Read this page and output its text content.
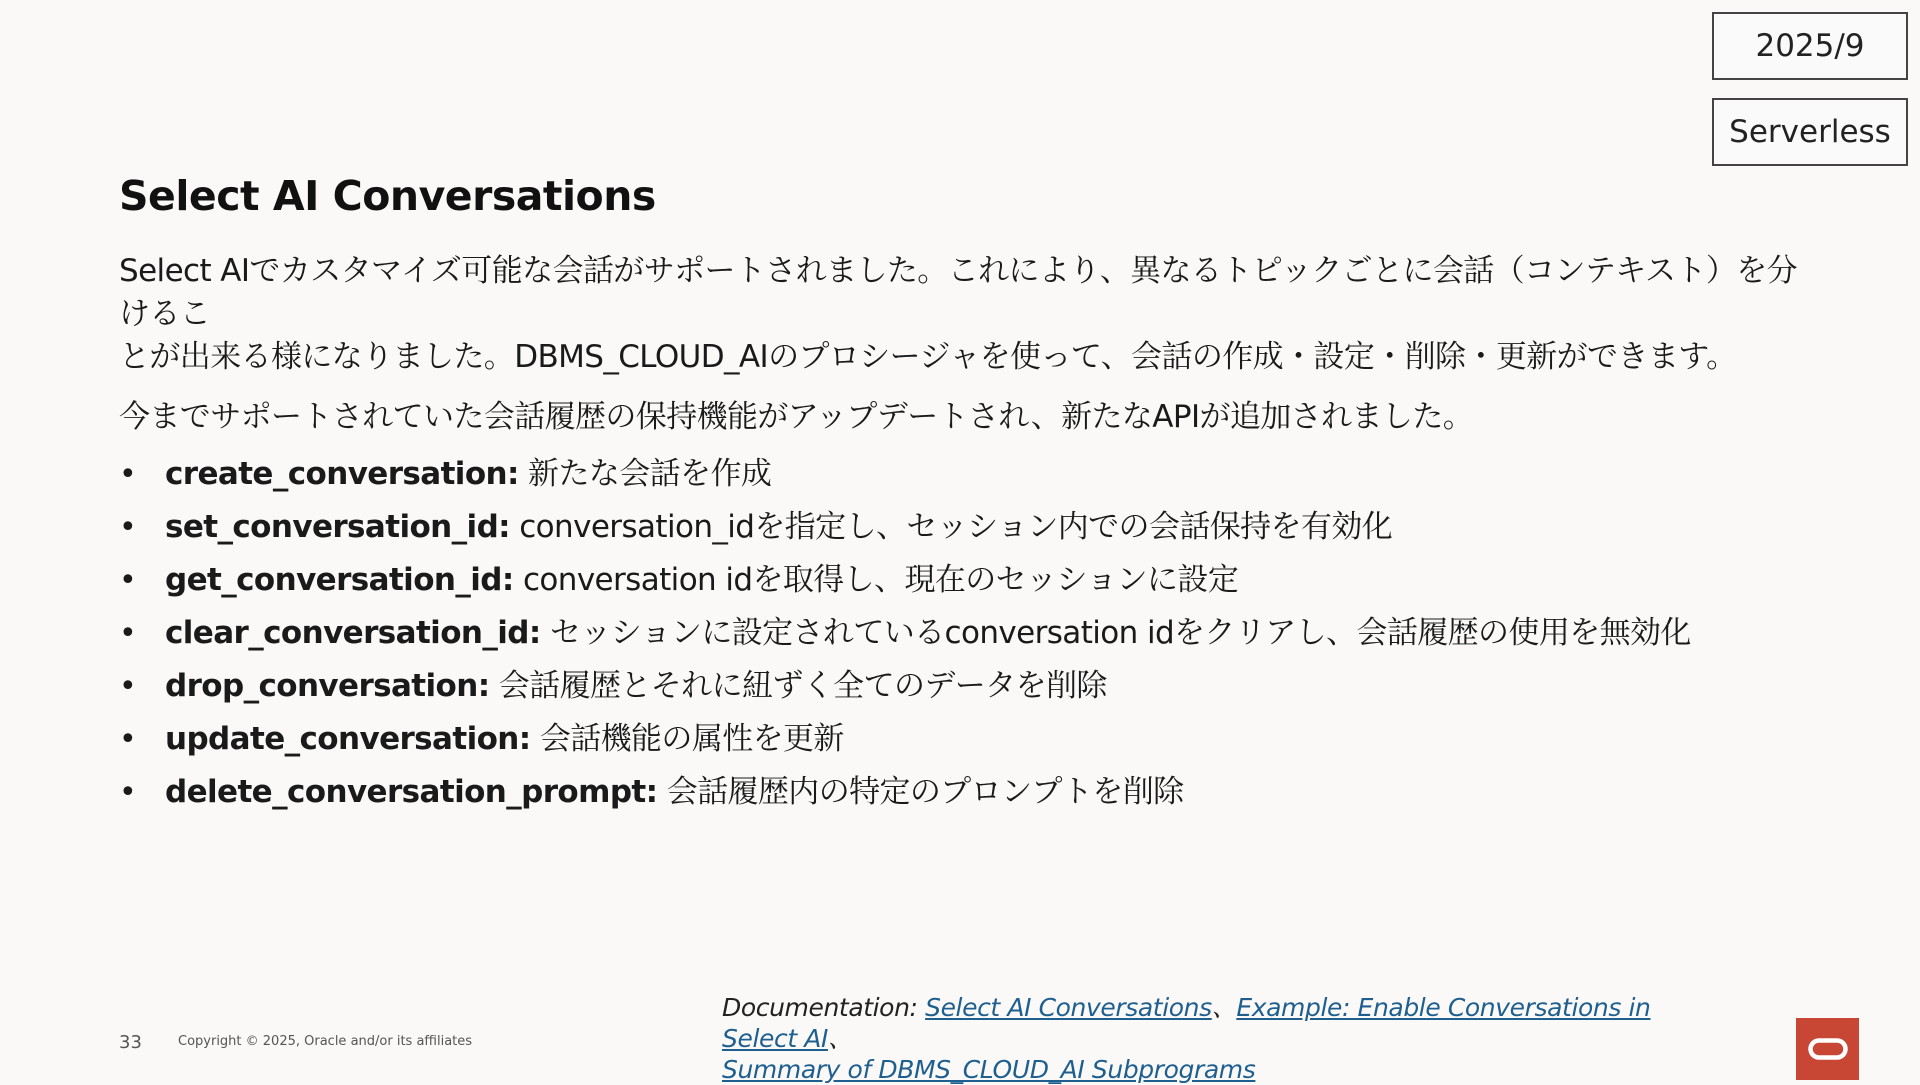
2025/9
Serverless
Select AI Conversations

Select AIでカスタマイズ可能な会話がサポートされました。これにより、異なるトピックごとに会話（コンテキスト）を分けるこ
とが出来る様になりました。DBMS_CLOUD_AIのプロシージャを使って、会話の作成・設定・削除・更新ができます。

今までサポートされていた会話履歴の保持機能がアップデートされ、新たなAPIが追加されました。

• create_conversation: 新たな会話を作成
• set_conversation_id: conversation_idを指定し、セッション内での会話保持を有効化
• get_conversation_id: conversation idを取得し、現在のセッションに設定
• clear_conversation_id: セッションに設定されているconversation idをクリアし、会話履歴の使用を無効化
• drop_conversation: 会話履歴とそれに紐ずく全てのデータを削除
• update_conversation: 会話機能の属性を更新
• delete_conversation_prompt: 会話履歴内の特定のプロンプトを削除
33	Copyright © 2025, Oracle and/or its affiliates
Documentation: Select AI Conversations、Example: Enable Conversations in Select AI、
Summary of DBMS_CLOUD_AI Subprograms
